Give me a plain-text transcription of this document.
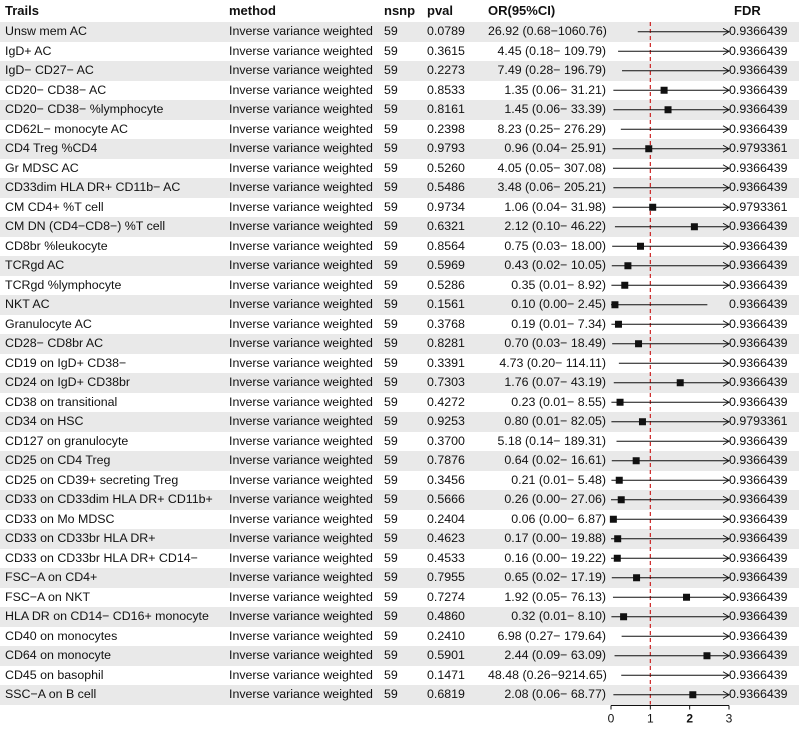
Trails	method	nsnp pval	OR(95%CI)	FDR
Unsw mem AC	Inverse variance weighted 59 0.0789 26.92 (0.68−1060.76)	0.9366439
IgD+ AC	Inverse variance weighted 59 0.3615	4.45 (0.18− 109.79)	0.9366439
IgD− CD27− AC	Inverse variance weighted 59 0.2273	7.49 (0.28− 196.79)	0.9366439
CD20− CD38− AC	Inverse variance weighted 59 0.8533	1.35 (0.06− 31.21)	0.9366439
CD20− CD38− %lymphocyte	Inverse variance weighted 59 0.8161	1.45 (0.06− 33.39)	0.9366439
CD62L− monocyte AC	Inverse variance weighted 59 0.2398	8.23 (0.25− 276.29)	0.9366439
CD4 Treg %CD4	Inverse variance weighted 59 0.9793	0.96 (0.04− 25.91)	0.9793361
Gr MDSC AC	Inverse variance weighted 59 0.5260	4.05 (0.05− 307.08)	0.9366439
CD33dim HLA DR+ CD11b− AC	Inverse variance weighted 59 0.5486	3.48 (0.06− 205.21)	0.9366439
CM CD4+ %T cell	Inverse variance weighted 59 0.9734	1.06 (0.04− 31.98)	0.9793361
CM DN (CD4−CD8−) %T cell	Inverse variance weighted 59 0.6321	2.12 (0.10− 46.22)	0.9366439
CD8br %leukocyte	Inverse variance weighted 59 0.8564	0.75 (0.03− 18.00)	0.9366439
TCRgd AC	Inverse variance weighted 59 0.5969	0.43 (0.02− 10.05)	0.9366439
TCRgd %lymphocyte	Inverse variance weighted 59 0.5286	0.35 (0.01− 8.92)	0.9366439
NKT AC	Inverse variance weighted 59 0.1561	0.10 (0.00− 2.45)	0.9366439
Granulocyte AC	Inverse variance weighted 59 0.3768	0.19 (0.01− 7.34)	0.9366439
CD28− CD8br AC	Inverse variance weighted 59 0.8281	0.70 (0.03− 18.49)	0.9366439
CD19 on IgD+ CD38−	Inverse variance weighted 59 0.3391	4.73 (0.20− 114.11)	0.9366439
CD24 on IgD+ CD38br	Inverse variance weighted 59 0.7303	1.76 (0.07− 43.19)	0.9366439
CD38 on transitional	Inverse variance weighted 59 0.4272	0.23 (0.01− 8.55)	0.9366439
CD34 on HSC	Inverse variance weighted 59 0.9253	0.80 (0.01− 82.05)	0.9793361
CD127 on granulocyte	Inverse variance weighted 59 0.3700	5.18 (0.14− 189.31)	0.9366439
CD25 on CD4 Treg	Inverse variance weighted 59 0.7876	0.64 (0.02− 16.61)	0.9366439
CD25 on CD39+ secreting Treg	Inverse variance weighted 59 0.3456	0.21 (0.01− 5.48)	0.9366439
CD33 on CD33dim HLA DR+ CD11b+ Inverse variance weighted 59 0.5666	0.26 (0.00− 27.06)	0.9366439
CD33 on Mo MDSC	Inverse variance weighted 59 0.2404	0.06 (0.00− 6.87)	0.9366439
CD33 on CD33br HLA DR+	Inverse variance weighted 59 0.4623	0.17 (0.00− 19.88)	0.9366439
CD33 on CD33br HLA DR+ CD14−	Inverse variance weighted 59 0.4533	0.16 (0.00− 19.22)	0.9366439
FSC−A on CD4+	Inverse variance weighted 59 0.7955	0.65 (0.02− 17.19)	0.9366439
FSC−A on NKT	Inverse variance weighted 59 0.7274	1.92 (0.05− 76.13)	0.9366439
HLA DR on CD14− CD16+ monocyte Inverse variance weighted 59 0.4860	0.32 (0.01− 8.10)	0.9366439
CD40 on monocytes	Inverse variance weighted 59 0.2410	6.98 (0.27− 179.64)	0.9366439
CD64 on monocyte	Inverse variance weighted 59 0.5901	2.44 (0.09− 63.09)	0.9366439
CD45 on basophil	Inverse variance weighted 59 0.1471 48.48 (0.26−9214.65)	0.9366439
SSC−A on B cell	Inverse variance weighted 59 0.6819	2.08 (0.06− 68.77)	0.9366439
0	1	2	3
